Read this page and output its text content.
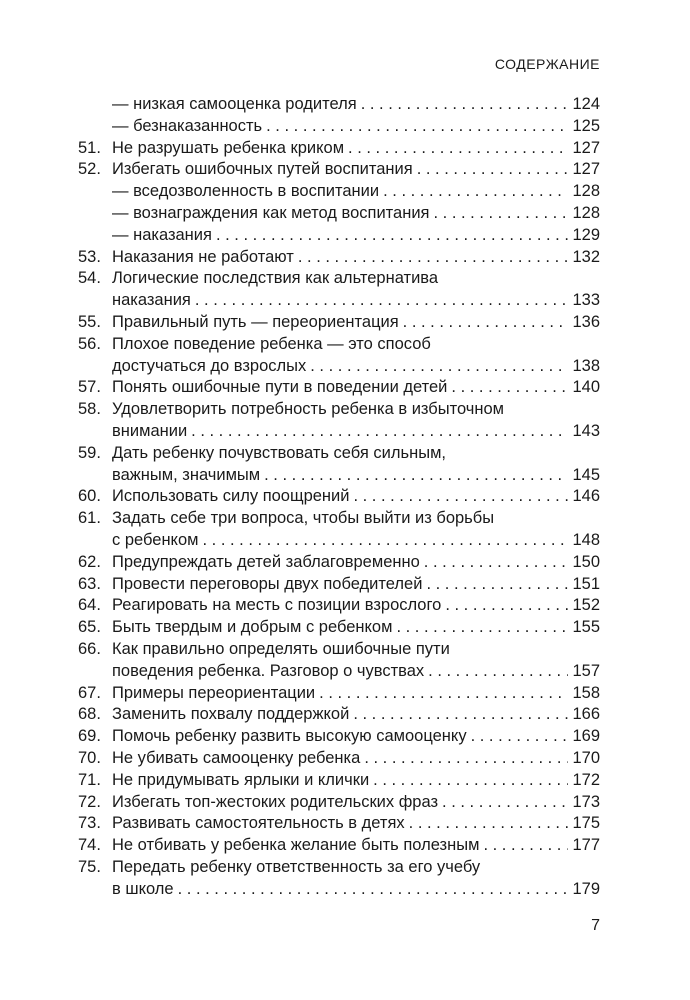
СОДЕРЖАНИЕ
— низкая самооценка родителя . . .	124
— безнаказанность . . .	125
51. Не разрушать ребенка криком . . .	127
52. Избегать ошибочных путей воспитания . . .	127
— вседозволенность в воспитании . . .	128
— вознаграждения как метод воспитания . . .	128
— наказания . . .	129
53. Наказания не работают . . .	132
54. Логические последствия как альтернатива
наказания . . .	133
55. Правильный путь — переориентация . . .	136
56. Плохое поведение ребенка — это способ
достучаться до взрослых . . .	138
57. Понять ошибочные пути в поведении детей . . .	140
58. Удовлетворить потребность ребенка в избыточном
внимании . . .	143
59. Дать ребенку почувствовать себя сильным,
важным, значимым . . .	145
60. Использовать силу поощрений . . .	146
61. Задать себе три вопроса, чтобы выйти из борьбы
с ребенком . . .	148
62. Предупреждать детей заблаговременно . . .	150
63. Провести переговоры двух победителей . . .	151
64. Реагировать на месть с позиции взрослого . . .	152
65. Быть твердым и добрым с ребенком . . .	155
66. Как правильно определять ошибочные пути
поведения ребенка. Разговор о чувствах . . .	157
67. Примеры переориентации . . .	158
68. Заменить похвалу поддержкой . . .	166
69. Помочь ребенку развить высокую самооценку . . .	169
70. Не убивать самооценку ребенка . . .	170
71. Не придумывать ярлыки и клички . . .	172
72. Избегать топ-жестоких родительских фраз . . .	173
73. Развивать самостоятельность в детях . . .	175
74. Не отбивать у ребенка желание быть полезным . . .	177
75. Передать ребенку ответственность за его учебу
в школе . . .	179
7
